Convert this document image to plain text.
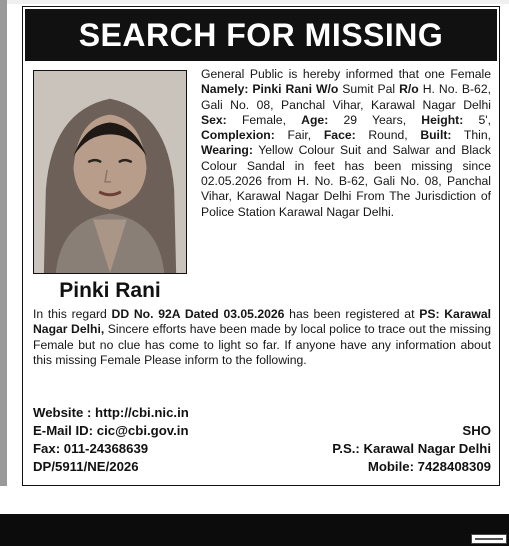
SEARCH FOR MISSING
Pinki Rani
General Public is hereby informed that one Female Namely: Pinki Rani W/o Sumit Pal R/o H. No. B-62, Gali No. 08, Panchal Vihar, Karawal Nagar Delhi Sex: Female, Age: 29 Years, Height: 5', Complexion: Fair, Face: Round, Built: Thin, Wearing: Yellow Colour Suit and Salwar and Black Colour Sandal in feet has been missing since 02.05.2026 from H. No. B-62, Gali No. 08, Panchal Vihar, Karawal Nagar Delhi From The Jurisdiction of Police Station Karawal Nagar Delhi.
In this regard DD No. 92A Dated 03.05.2026 has been registered at PS: Karawal Nagar Delhi, Sincere efforts have been made by local police to trace out the missing Female but no clue has come to light so far. If anyone have any information about this missing Female Please inform to the following.
Website : http://cbi.nic.in
E-Mail ID: cic@cbi.gov.in
Fax: 011-24368639
DP/5911/NE/2026
SHO
P.S.: Karawal Nagar Delhi
Mobile: 7428408309
